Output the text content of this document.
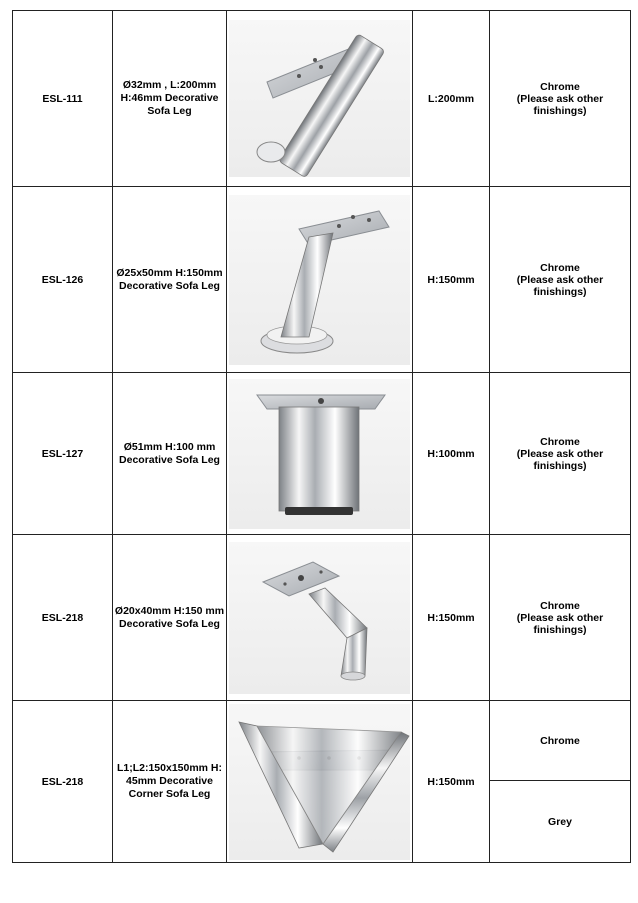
ESL-111	Ø32mm , L:200mm H:46mm Decorative Sofa Leg		L:200mm	Chrome
(Please ask other finishings)

ESL-126	Ø25x50mm H:150mm Decorative Sofa Leg		H:150mm	Chrome
(Please ask other finishings)

ESL-127	Ø51mm H:100 mm Decorative Sofa Leg		H:100mm	Chrome
(Please ask other finishings)

ESL-218	Ø20x40mm H:150 mm Decorative Sofa Leg		H:150mm	Chrome
(Please ask other finishings)

ESL-218	L1;L2:150x150mm H: 45mm Decorative Corner Sofa Leg		H:150mm	Chrome

				Grey
